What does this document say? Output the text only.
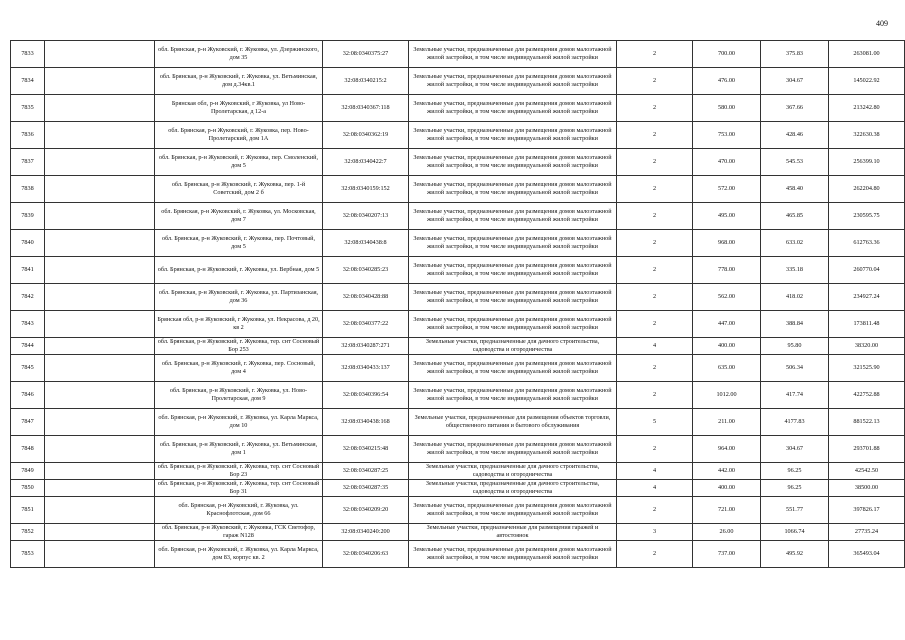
409
7833		обл. Брянская, р-н Жуковский, г. Жуковка, ул. Дзержинского, дом 35	32:08:0340375:27	Земельные участки, предназначенные для размещения домов малоэтажной жилой застройки, в том числе индивидуальной жилой застройки	2	700.00	375.83	263081.00
7834		обл. Брянская, р-н Жуковский, г. Жуковка, ул. Ветьминская, дом д.34кв.1	32:08:0340215:2	Земельные участки, предназначенные для размещения домов малоэтажной жилой застройки, в том числе индивидуальной жилой застройки	2	476.00	304.67	145022.92
7835		Брянская обл, р-н Жуковский, г Жуковка, ул Ново-Пролетарская, д 12-а	32:08:0340367:118	Земельные участки, предназначенные для размещения домов малоэтажной жилой застройки, в том числе индивидуальной жилой застройки	2	580.00	367.66	213242.80
7836		обл. Брянская, р-н Жуковский, г. Жуковка, пер. Ново-Пролетарский, дом 1А	32:08:0340362:19	Земельные участки, предназначенные для размещения домов малоэтажной жилой застройки, в том числе индивидуальной жилой застройки	2	753.00	428.46	322630.38
7837		обл. Брянская, р-н Жуковский, г. Жуковка, пер. Смоленский, дом 5	32:08:0340422:7	Земельные участки, предназначенные для размещения домов малоэтажной жилой застройки, в том числе индивидуальной жилой застройки	2	470.00	545.53	256399.10
7838		обл. Брянская, р-н Жуковский, г. Жуковка, пер. 1-й Советский, дом 2 б	32:08:0340159:152	Земельные участки, предназначенные для размещения домов малоэтажной жилой застройки, в том числе индивидуальной жилой застройки	2	572.00	458.40	262204.80
7839		обл. Брянская, р-н Жуковский, г. Жуковка, ул. Московская, дом 7	32:08:0340207:13	Земельные участки, предназначенные для размещения домов малоэтажной жилой застройки, в том числе индивидуальной жилой застройки	2	495.00	465.85	230595.75
7840		обл. Брянская, р-н Жуковский, г. Жуковка, пер. Почтовый, дом 5	32:08:0340438:8	Земельные участки, предназначенные для размещения домов малоэтажной жилой застройки, в том числе индивидуальной жилой застройки	2	968.00	633.02	612763.36
7841		обл. Брянская, р-н Жуковский, г. Жуковка, ул. Вербная, дом 5	32:08:0340285:23	Земельные участки, предназначенные для размещения домов малоэтажной жилой застройки, в том числе индивидуальной жилой застройки	2	778.00	335.18	260770.04
7842		обл. Брянская, р-н Жуковский, г. Жуковка, ул. Партизанская, дом 36	32:08:0340428:88	Земельные участки, предназначенные для размещения домов малоэтажной жилой застройки, в том числе индивидуальной жилой застройки	2	562.00	418.02	234927.24
7843		Брянская обл, р-н Жуковский, г Жуковка, ул. Некрасова, д 20, кв 2	32:08:0340377:22	Земельные участки, предназначенные для размещения домов малоэтажной жилой застройки, в том числе индивидуальной жилой застройки	2	447.00	388.84	173811.48
7844		обл. Брянская, р-н Жуковский, г. Жуковка, тер. снт Сосновый Бор 253	32:08:0340287:271	Земельные участки, предназначенные для дачного строительства, садоводства и огородничества	4	400.00	95.80	38320.00
7845		обл. Брянская, р-н Жуковский, г. Жуковка, пер. Сосновый, дом 4	32:08:0340433:137	Земельные участки, предназначенные для размещения домов малоэтажной жилой застройки, в том числе индивидуальной жилой застройки	2	635.00	506.34	321525.90
7846		обл. Брянская, р-н Жуковский, г. Жуковка, ул. Ново-Пролетарская, дом 9	32:08:0340396:54	Земельные участки, предназначенные для размещения домов малоэтажной жилой застройки, в том числе индивидуальной жилой застройки	2	1012.00	417.74	422752.88
7847		обл. Брянская, р-н Жуковский, г. Жуковка, ул. Карла Маркса, дом 10	32:08:0340438:168	Земельные участки, предназначенные для размещения объектов торговли, общественного питания и бытового обслуживания	5	211.00	4177.83	881522.13
7848		обл. Брянская, р-н Жуковский, г. Жуковка, ул. Ветьминская, дом 1	32:08:0340215:48	Земельные участки, предназначенные для размещения домов малоэтажной жилой застройки, в том числе индивидуальной жилой застройки	2	964.00	304.67	293701.88
7849		обл. Брянская, р-н Жуковский, г. Жуковка, тер. снт Сосновый Бор 23	32:08:0340287:25	Земельные участки, предназначенные для дачного строительства, садоводства и огородничества	4	442.00	96.25	42542.50
7850		обл. Брянская, р-н Жуковский, г. Жуковка, тер. снт Сосновый Бор 31	32:08:0340287:35	Земельные участки, предназначенные для дачного строительства, садоводства и огородничества	4	400.00	96.25	38500.00
7851		обл. Брянская, р-н Жуковский, г. Жуковка, ул. Краснофлотская, дом 66	32:08:0340209:20	Земельные участки, предназначенные для размещения домов малоэтажной жилой застройки, в том числе индивидуальной жилой застройки	2	721.00	551.77	397826.17
7852		обл. Брянская, р-н Жуковский, г. Жуковка, ГСК Светофор, гараж N128	32:08:0340240:200	Земельные участки, предназначенные для размещения гаражей и автостоянок	3	26.00	1066.74	27735.24
7853		обл. Брянская, р-н Жуковский, г. Жуковка, ул. Карла Маркса, дом 83, корпус кв. 2	32:08:0340206:63	Земельные участки, предназначенные для размещения домов малоэтажной жилой застройки, в том числе индивидуальной жилой застройки	2	737.00	495.92	365493.04
